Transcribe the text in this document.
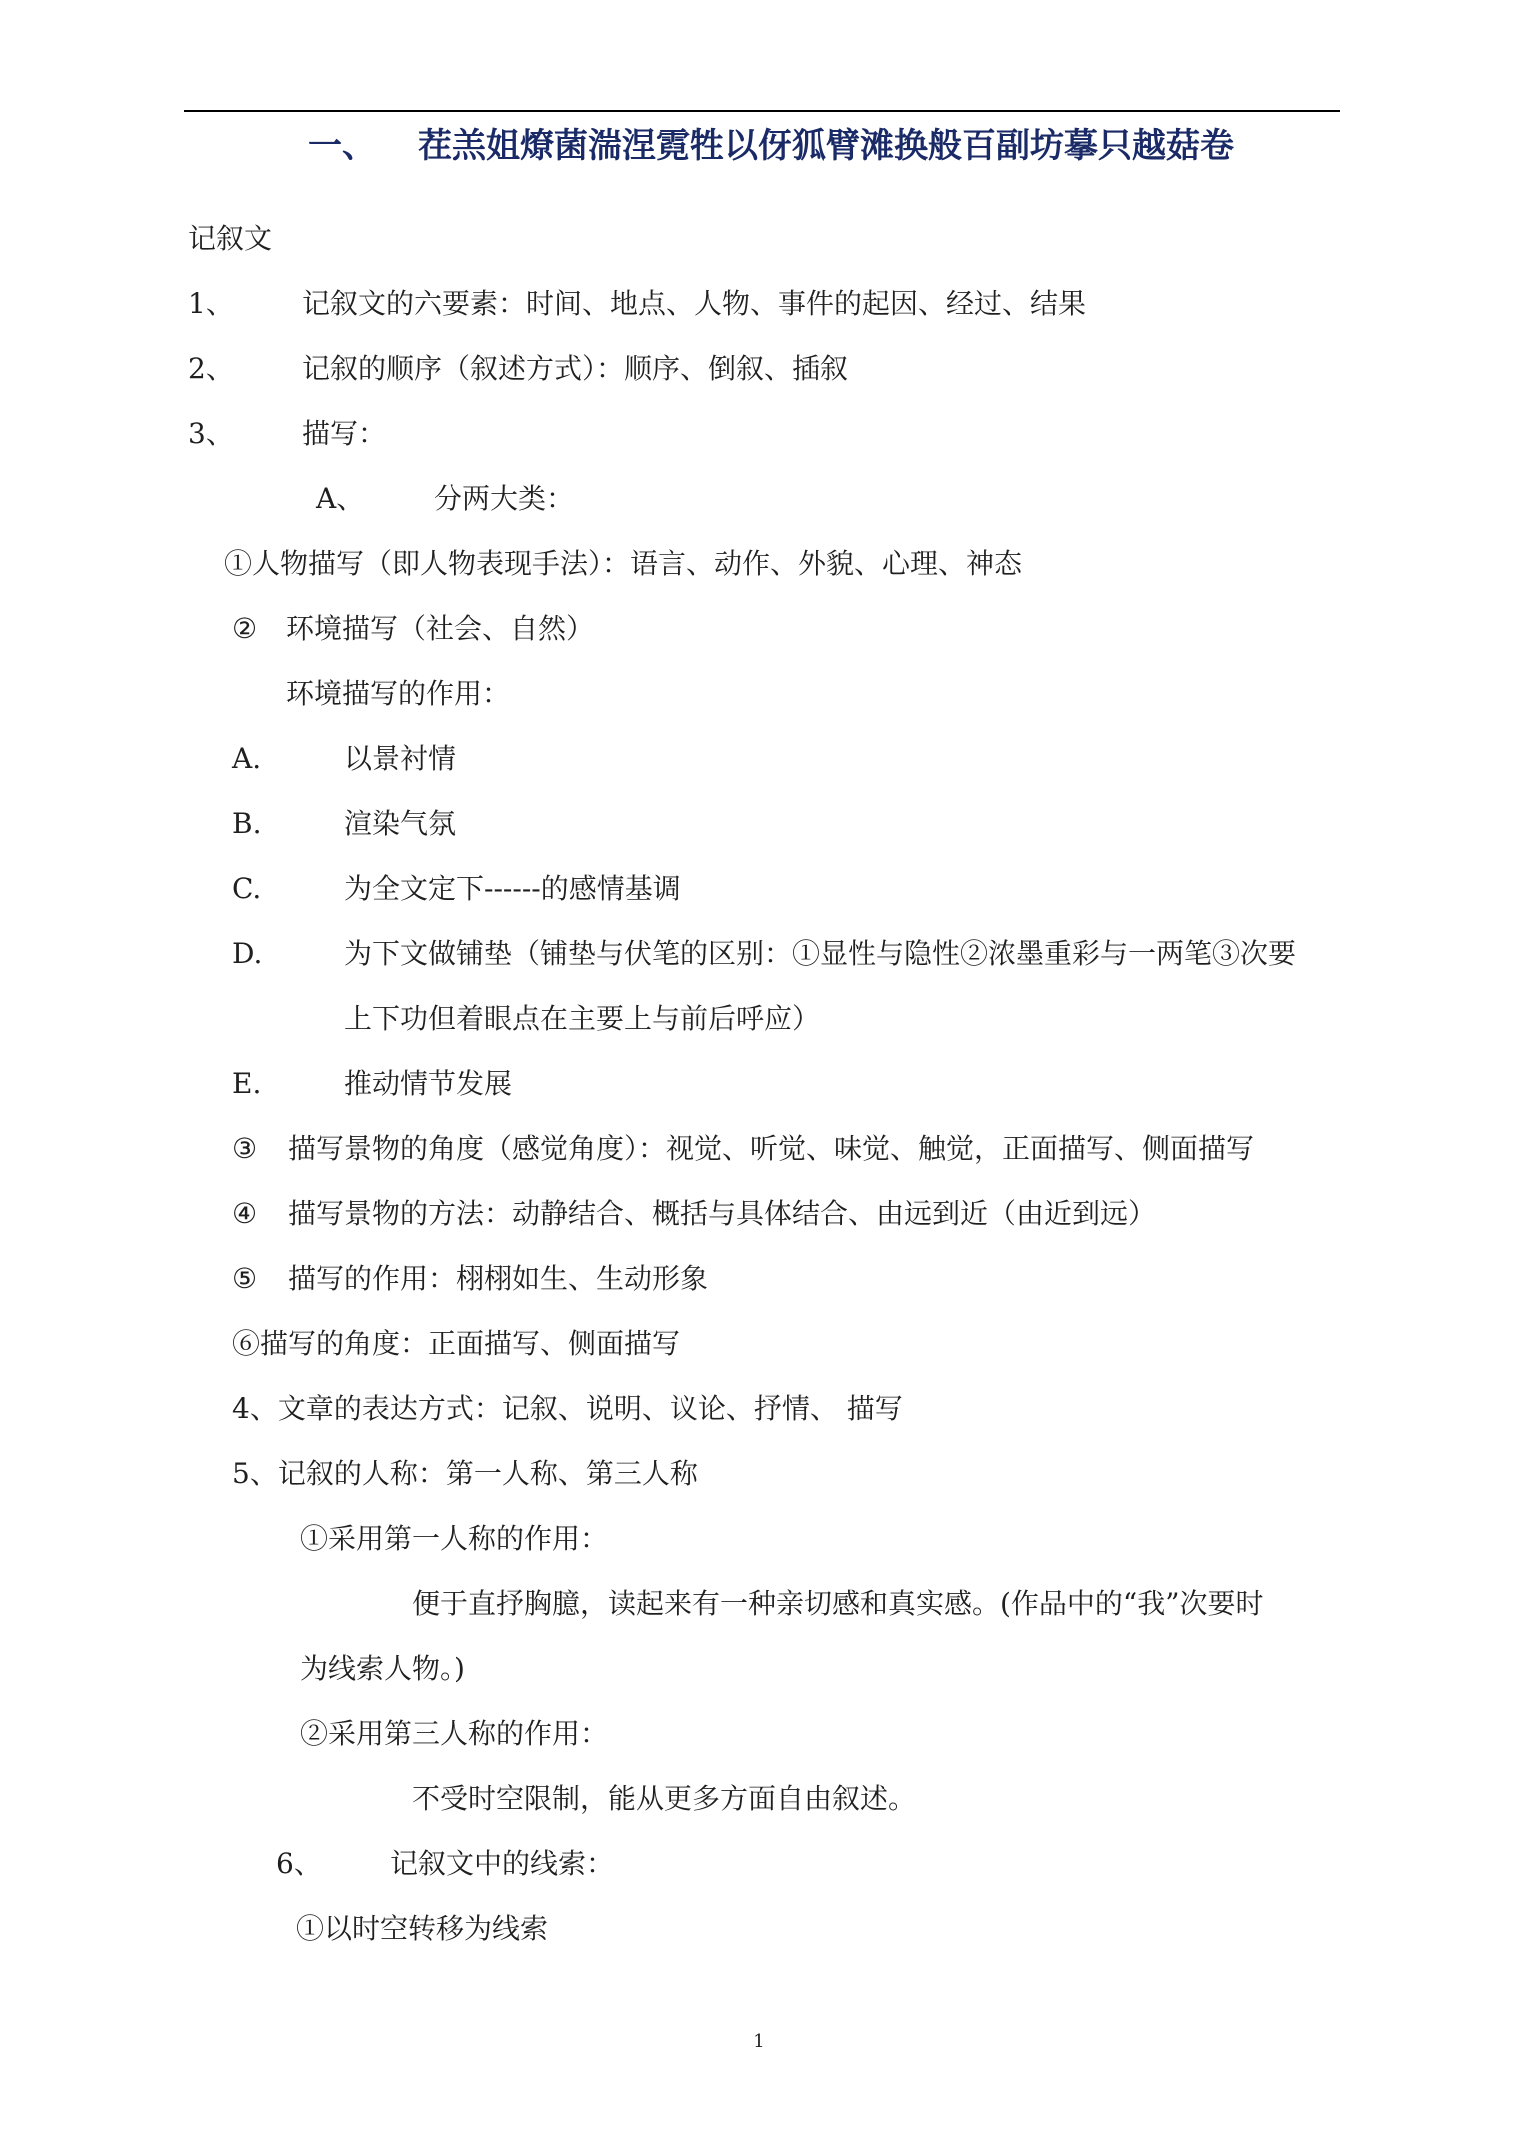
一、 茬羔姐燎菌湍涅霓牲以伢狐臂滩换般百副坊摹只越菇卷
记叙文
1、 记叙文的六要素：时间、地点、人物、事件的起因、经过、结果
2、 记叙的顺序（叙述方式）：顺序、倒叙、插叙
3、 描写：
A、 分两大类：
①人物描写（即人物表现手法）：语言、动作、外貌、心理、神态
② 环境描写（社会、自然）
环境描写的作用：
A.	以景衬情
B.	渲染气氛
C.	为全文定下------的感情基调
D.	为下文做铺垫（铺垫与伏笔的区别：①显性与隐性②浓墨重彩与一两笔③次要
上下功但着眼点在主要上与前后呼应）
E.	推动情节发展
③ 描写景物的角度（感觉角度）：视觉、听觉、味觉、触觉，正面描写、侧面描写
④ 描写景物的方法：动静结合、概括与具体结合、由远到近（由近到远）
⑤ 描写的作用：栩栩如生、生动形象
⑥描写的角度：正面描写、侧面描写
4、文章的表达方式：记叙、说明、议论、抒情、 描写
5、记叙的人称：第一人称、第三人称
①采用第一人称的作用：
便于直抒胸臆，读起来有一种亲切感和真实感。(作品中的“我”次要时
为线索人物。)
②采用第三人称的作用：
不受时空限制，能从更多方面自由叙述。
6、 记叙文中的线索：
①以时空转移为线索
1
